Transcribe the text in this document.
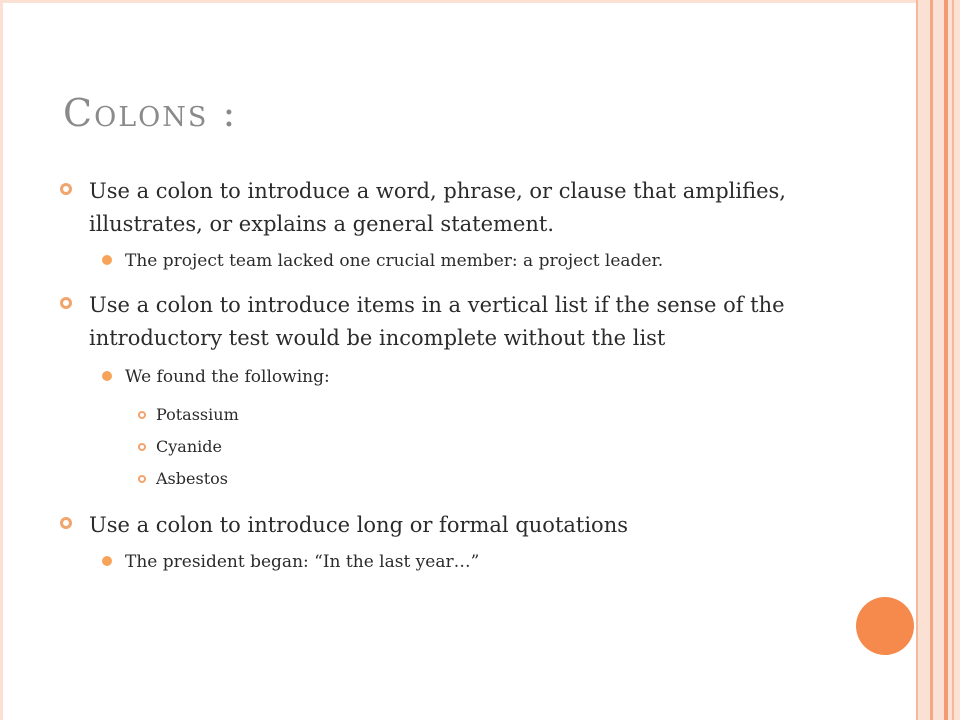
Colons :
Use a colon to introduce a word, phrase, or clause that amplifies, illustrates, or explains a general statement.
The project team lacked one crucial member: a project leader.
Use a colon to introduce items in a vertical list if the sense of the introductory test would be incomplete without the list
We found the following:
Potassium
Cyanide
Asbestos
Use a colon to introduce long or formal quotations
The president began: “In the last year…”
